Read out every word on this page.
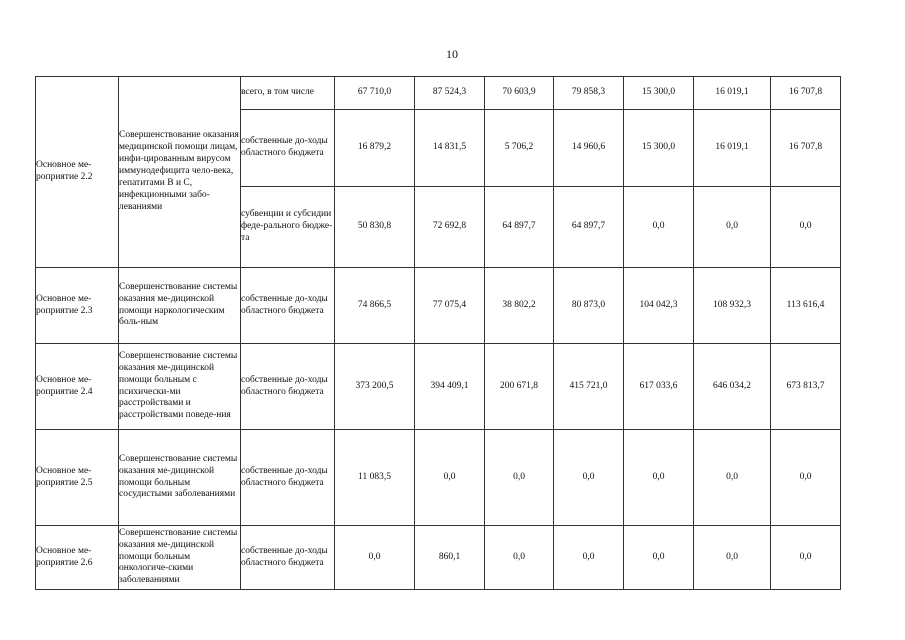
10
Основное ме-роприятие 2.2	Совершенствование оказания медицинской помощи лицам, инфи-цированным вирусом иммунодефицита чело-века, гепатитами В и С, инфекционными забо-леваниями	всего, в том числе	67 710,0	87 524,3	70 603,9	79 858,3	15 300,0	16 019,1	16 707,8
		собственные до-ходы областного бюджета	16 879,2	14 831,5	5 706,2	14 960,6	15 300,0	16 019,1	16 707,8
		субвенции и субсидии феде-рального бюдже-та	50 830,8	72 692,8	64 897,7	64 897,7	0,0	0,0	0,0
Основное ме-роприятие 2.3	Совершенствование системы оказания ме-дицинской помощи наркологическим боль-ным	собственные до-ходы областного бюджета	74 866,5	77 075,4	38 802,2	80 873,0	104 042,3	108 932,3	113 616,4
Основное ме-роприятие 2.4	Совершенствование системы оказания ме-дицинской помощи больным с психически-ми расстройствами и расстройствами поведе-ния	собственные до-ходы областного бюджета	373 200,5	394 409,1	200 671,8	415 721,0	617 033,6	646 034,2	673 813,7
Основное ме-роприятие 2.5	Совершенствование системы оказания ме-дицинской помощи больным сосудистыми заболеваниями	собственные до-ходы областного бюджета	11 083,5	0,0	0,0	0,0	0,0	0,0	0,0
Основное ме-роприятие 2.6	Совершенствование системы оказания ме-дицинской помощи больным онкологиче-скими заболеваниями	собственные до-ходы областного бюджета	0,0	860,1	0,0	0,0	0,0	0,0	0,0
